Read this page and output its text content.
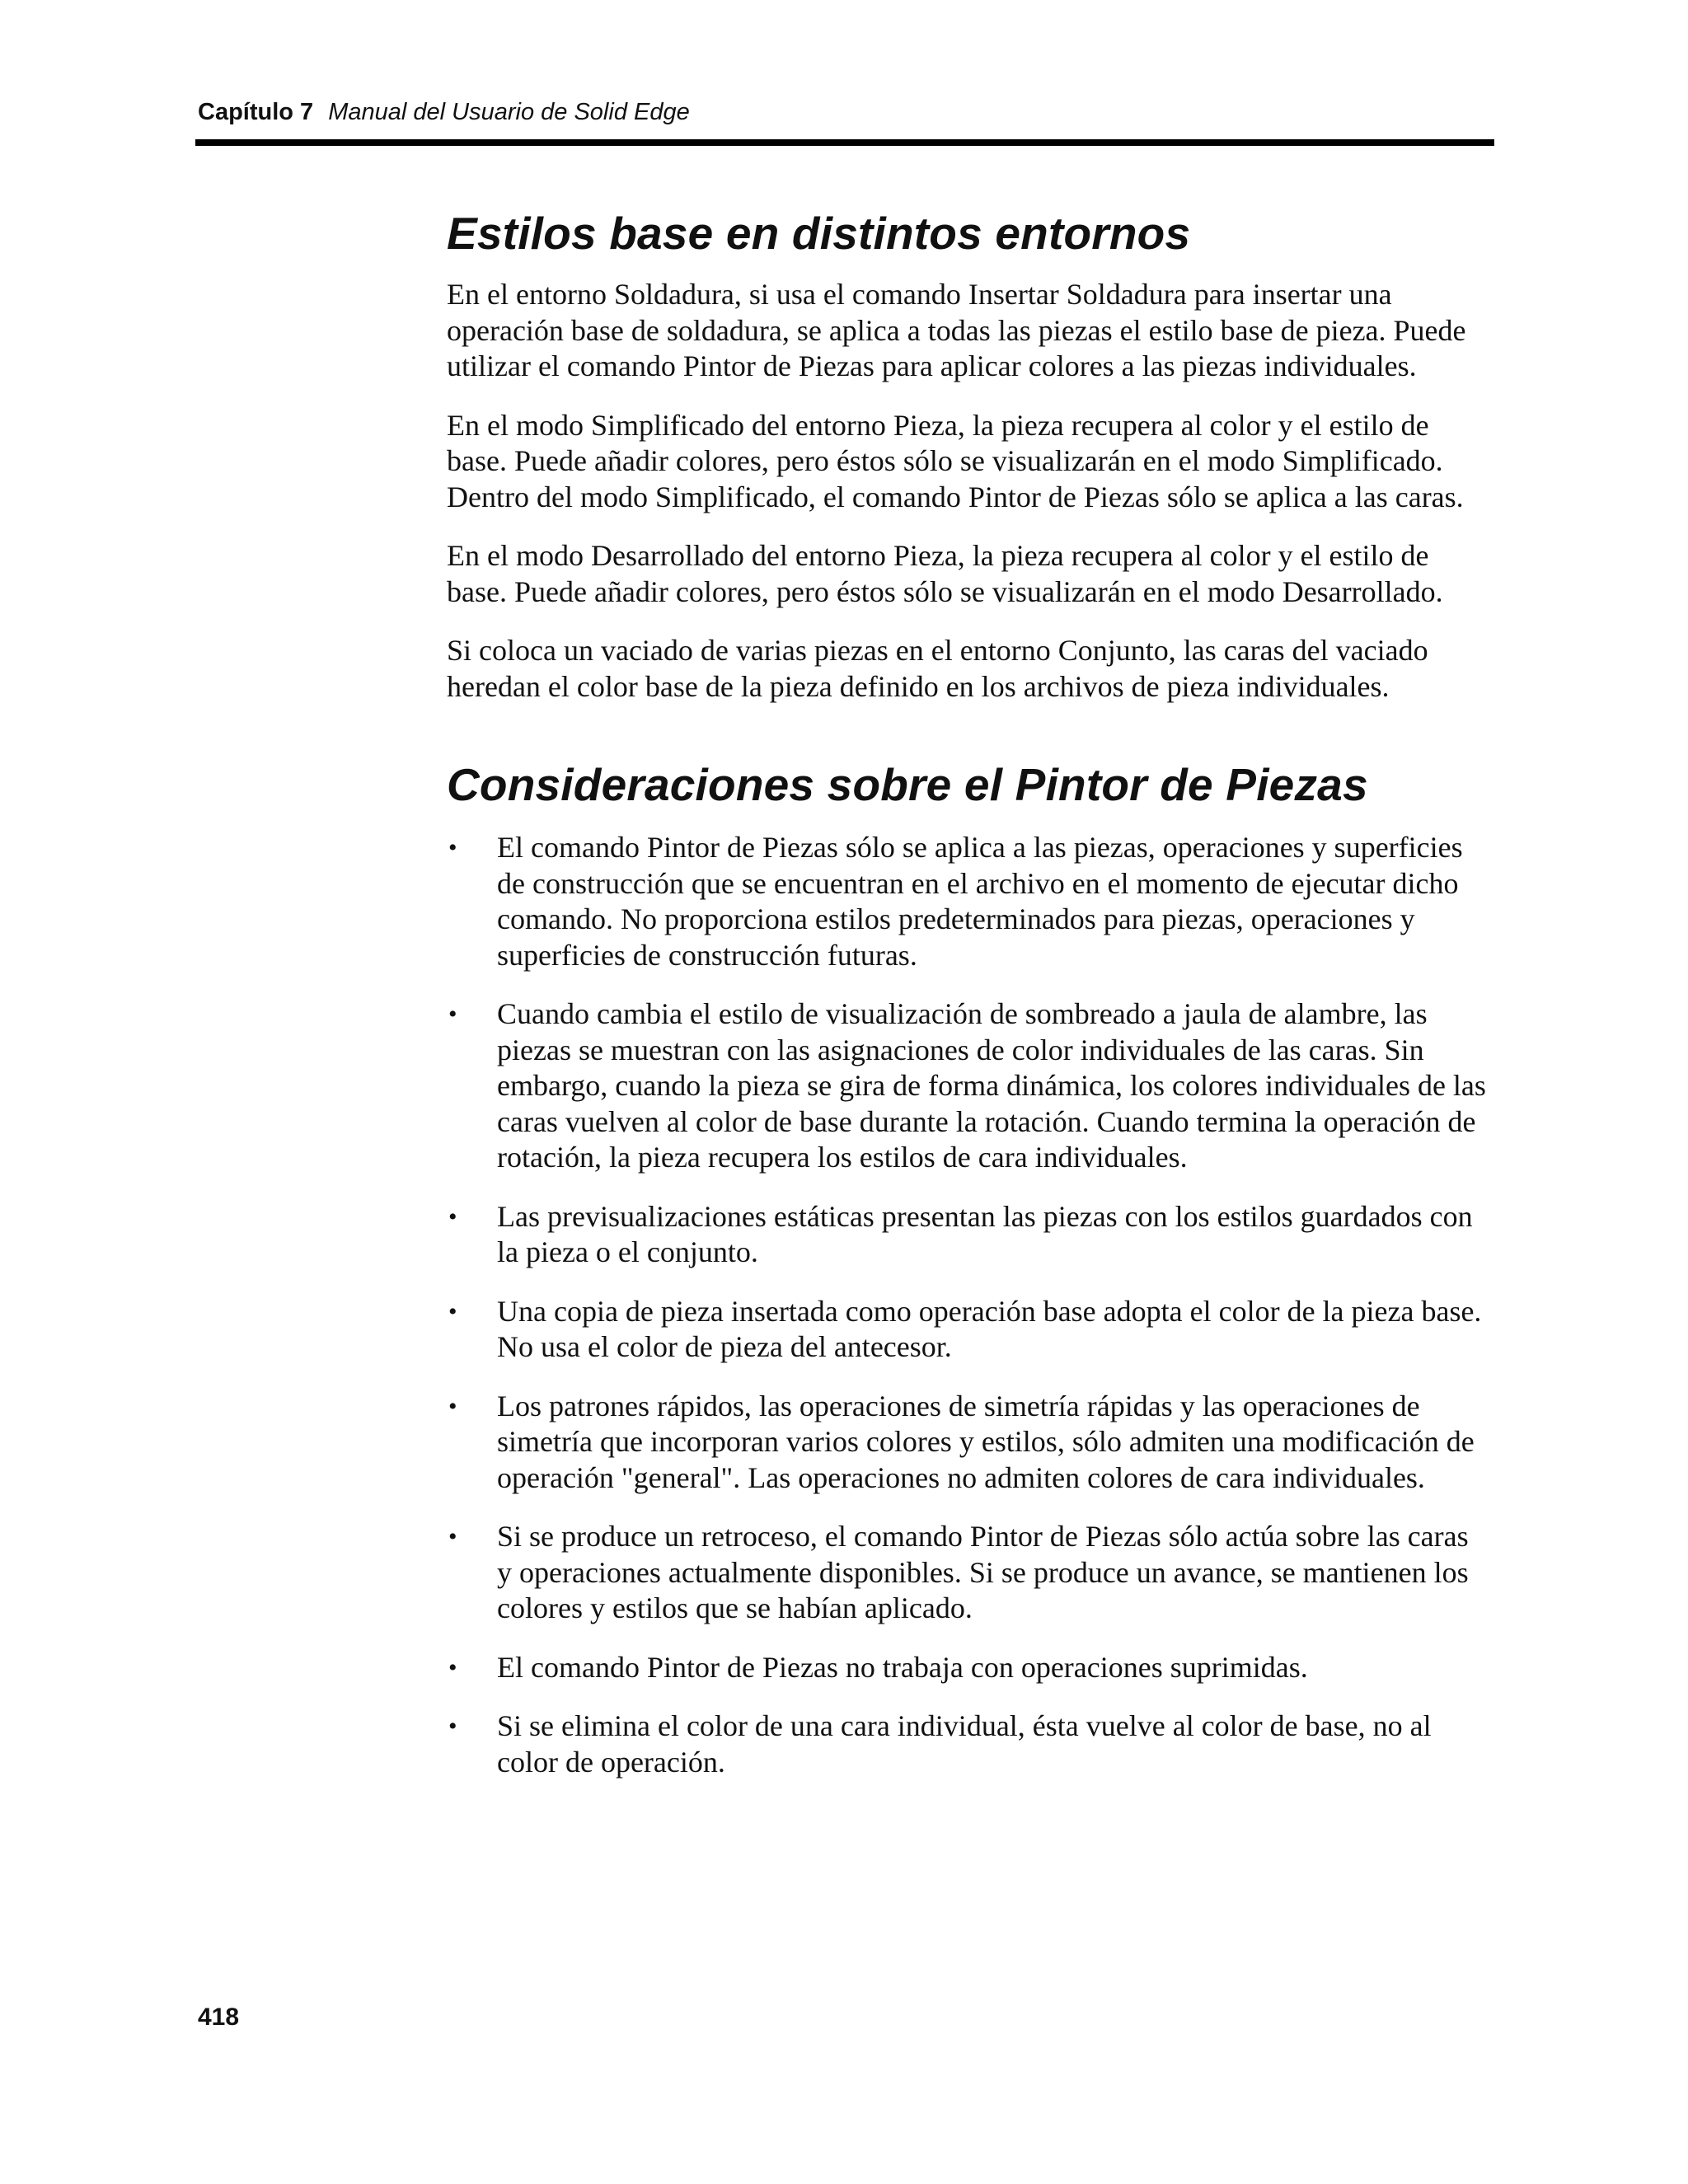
Capítulo 7 Manual del Usuario de Solid Edge
Estilos base en distintos entornos

En el entorno Soldadura, si usa el comando Insertar Soldadura para insertar una operación base de soldadura, se aplica a todas las piezas el estilo base de pieza. Puede utilizar el comando Pintor de Piezas para aplicar colores a las piezas individuales.

En el modo Simplificado del entorno Pieza, la pieza recupera al color y el estilo de base. Puede añadir colores, pero éstos sólo se visualizarán en el modo Simplificado. Dentro del modo Simplificado, el comando Pintor de Piezas sólo se aplica a las caras.

En el modo Desarrollado del entorno Pieza, la pieza recupera al color y el estilo de base. Puede añadir colores, pero éstos sólo se visualizarán en el modo Desarrollado.

Si coloca un vaciado de varias piezas en el entorno Conjunto, las caras del vaciado heredan el color base de la pieza definido en los archivos de pieza individuales.

Consideraciones sobre el Pintor de Piezas
• El comando Pintor de Piezas sólo se aplica a las piezas, operaciones y superficies de construcción que se encuentran en el archivo en el momento de ejecutar dicho comando. No proporciona estilos predeterminados para piezas, operaciones y superficies de construcción futuras.
• Cuando cambia el estilo de visualización de sombreado a jaula de alambre, las piezas se muestran con las asignaciones de color individuales de las caras. Sin embargo, cuando la pieza se gira de forma dinámica, los colores individuales de las caras vuelven al color de base durante la rotación. Cuando termina la operación de rotación, la pieza recupera los estilos de cara individuales.
• Las previsualizaciones estáticas presentan las piezas con los estilos guardados con la pieza o el conjunto.
• Una copia de pieza insertada como operación base adopta el color de la pieza base. No usa el color de pieza del antecesor.
• Los patrones rápidos, las operaciones de simetría rápidas y las operaciones de simetría que incorporan varios colores y estilos, sólo admiten una modificación de operación "general". Las operaciones no admiten colores de cara individuales.
• Si se produce un retroceso, el comando Pintor de Piezas sólo actúa sobre las caras y operaciones actualmente disponibles. Si se produce un avance, se mantienen los colores y estilos que se habían aplicado.
• El comando Pintor de Piezas no trabaja con operaciones suprimidas.
• Si se elimina el color de una cara individual, ésta vuelve al color de base, no al color de operación.
418
